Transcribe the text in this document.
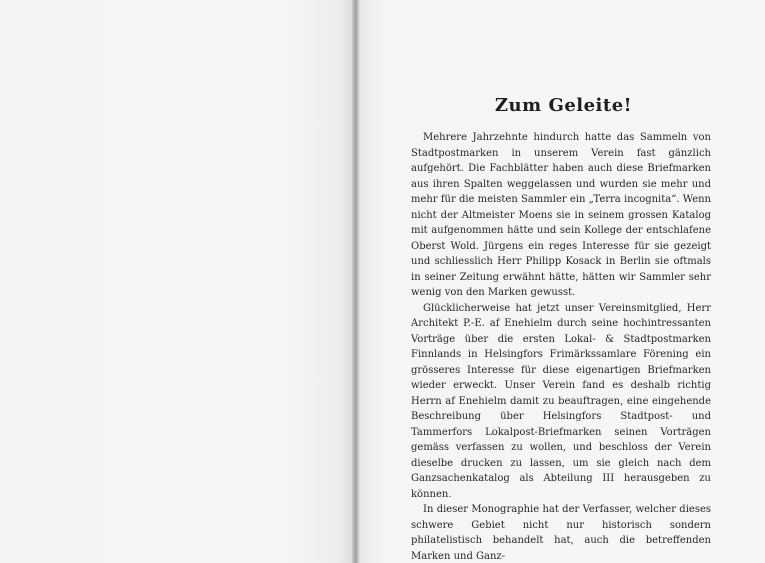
Zum Geleite!

Mehrere Jahrzehnte hindurch hatte das Sammeln von Stadtpostmarken in unserem Verein fast gänzlich aufgehört. Die Fachblätter haben auch diese Briefmarken aus ihren Spalten weggelassen und wurden sie mehr und mehr für die meisten Sammler ein „Terra incognita“. Wenn nicht der Altmeister Moens sie in seinem grossen Katalog mit aufgenommen hätte und sein Kollege der entschlafene Oberst Wold. Jürgens ein reges Interesse für sie gezeigt und schliesslich Herr Philipp Kosack in Berlin sie oftmals in seiner Zeitung erwähnt hätte, hätten wir Sammler sehr wenig von den Marken gewusst.

Glücklicherweise hat jetzt unser Vereinsmitglied, Herr Architekt P.-E. af Enehielm durch seine hochintressanten Vorträge über die ersten Lokal- & Stadtpostmarken Finnlands in Helsingfors Frimärkssamlare Förening ein grösseres Interesse für diese eigenartigen Briefmarken wieder erweckt. Unser Verein fand es deshalb richtig Herrn af Enehielm damit zu beauftragen, eine eingehende Beschreibung über Helsingfors Stadtpost- und Tammerfors Lokalpost-Briefmarken seinen Vorträgen gemäss verfassen zu wollen, und beschloss der Verein dieselbe drucken zu lassen, um sie gleich nach dem Ganzsachenkatalog als Abteilung III herausgeben zu können.

In dieser Monographie hat der Verfasser, welcher dieses schwere Gebiet nicht nur historisch sondern philatelistisch behandelt hat, auch die betreffenden Marken und Ganz-
